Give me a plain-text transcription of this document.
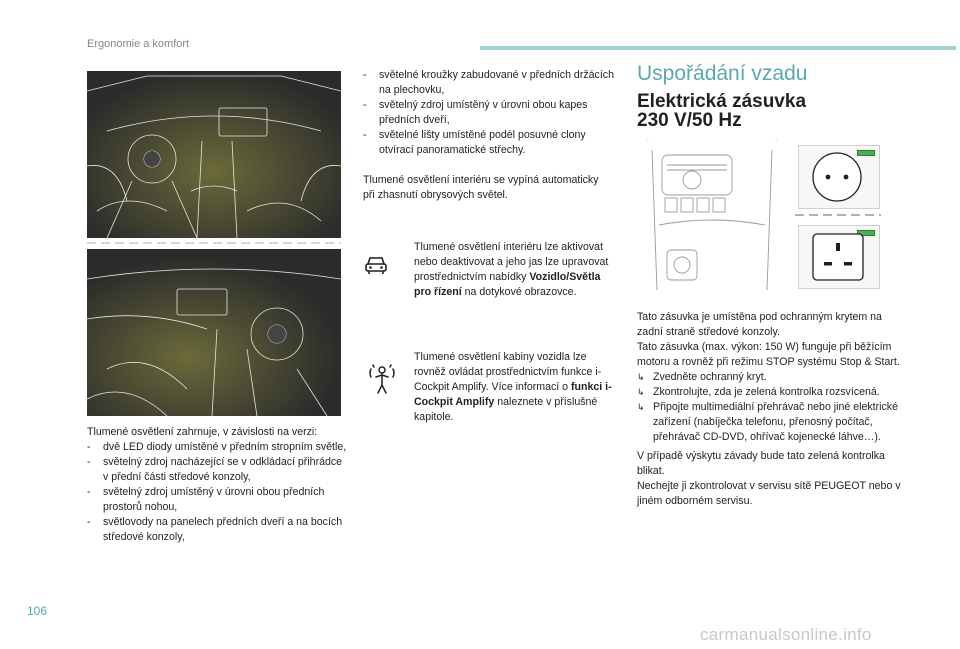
Ergonomie a komfort
Tlumené osvětlení zahrnuje, v závislosti na verzi:
- dvě LED diody umístěné v předním stropním světle,
- světelný zdroj nacházející se v odkládací přihrádce v přední části středové konzoly,
- světelný zdroj umístěný v úrovni obou předních prostorů nohou,
- světlovody na panelech předních dveří a na bocích středové konzoly,
- světelné kroužky zabudované v předních držácích na plechovku,
- světelný zdroj umístěný v úrovni obou kapes předních dveří,
- světelné lišty umístěné podél posuvné clony otvírací panoramatické střechy.
Tlumené osvětlení interiéru se vypíná automaticky při zhasnutí obrysových světel.
Tlumené osvětlení interiéru lze aktivovat nebo deaktivovat a jeho jas lze upravovat prostřednictvím nabídky Vozidlo/Světla pro řízení na dotykové obrazovce.
Tlumené osvětlení kabiny vozidla lze rovněž ovládat prostřednictvím funkce i-Cockpit Amplify. Více informací o funkci i-Cockpit Amplify naleznete v příslušné kapitole.
Uspořádání vzadu
Elektrická zásuvka
230 V/50 Hz
Tato zásuvka je umístěna pod ochranným krytem na zadní straně středové konzoly.
Tato zásuvka (max. výkon: 150 W) funguje při běžícím motoru a rovněž při režimu STOP systému Stop & Start.
↳ Zvedněte ochranný kryt.
↳ Zkontrolujte, zda je zelená kontrolka rozsvícená.
↳ Připojte multimediální přehrávač nebo jiné elektrické zařízení (nabíječka telefonu, přenosný počítač, přehrávač CD-DVD, ohřívač kojenecké láhve…).
V případě výskytu závady bude tato zelená kontrolka blikat.
Nechejte ji zkontrolovat v servisu sítě PEUGEOT nebo v jiném odborném servisu.
106
carmanualsonline.info
